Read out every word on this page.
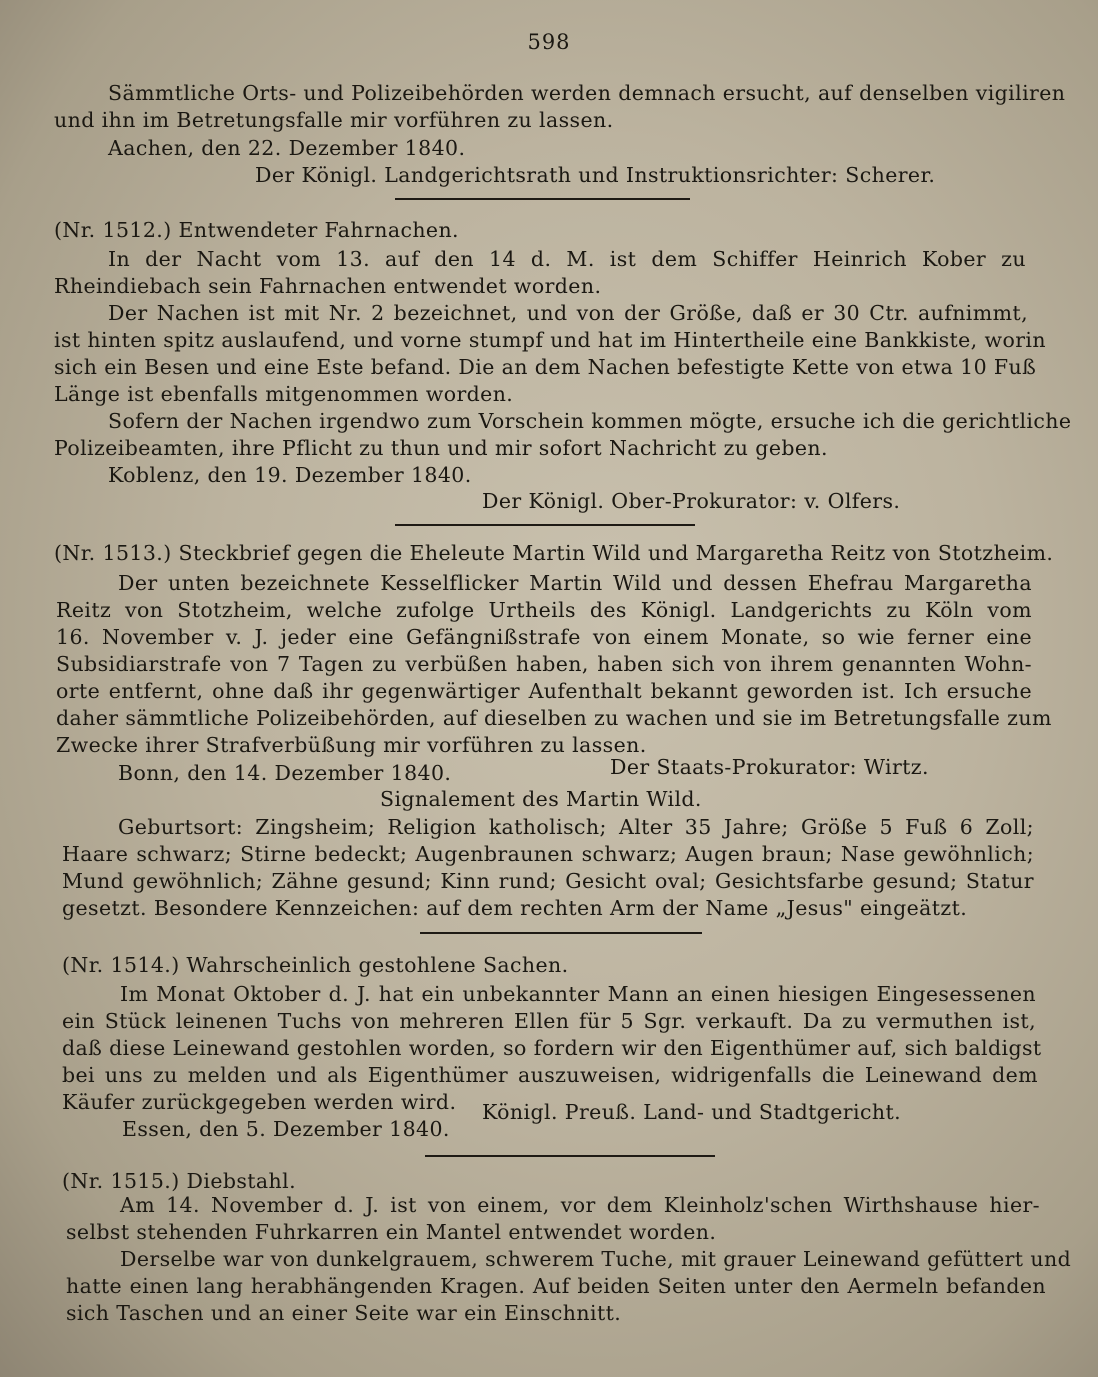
598
Sämmtliche Orts- und Polizeibehörden werden demnach ersucht, auf denselben vigiliren
und ihn im Betretungsfalle mir vorführen zu lassen.
Aachen, den 22. Dezember 1840.
Der Königl. Landgerichtsrath und Instruktionsrichter: Scherer.
(Nr. 1512.) Entwendeter Fahrnachen.
In der Nacht vom 13. auf den 14 d. M. ist dem Schiffer Heinrich Kober zu
Rheindiebach sein Fahrnachen entwendet worden.
Der Nachen ist mit Nr. 2 bezeichnet, und von der Größe, daß er 30 Ctr. aufnimmt,
ist hinten spitz auslaufend, und vorne stumpf und hat im Hintertheile eine Bankkiste, worin
sich ein Besen und eine Este befand. Die an dem Nachen befestigte Kette von etwa 10 Fuß
Länge ist ebenfalls mitgenommen worden.
Sofern der Nachen irgendwo zum Vorschein kommen mögte, ersuche ich die gerichtliche
Polizeibeamten, ihre Pflicht zu thun und mir sofort Nachricht zu geben.
Koblenz, den 19. Dezember 1840.
Der Königl. Ober-Prokurator: v. Olfers.
(Nr. 1513.) Steckbrief gegen die Eheleute Martin Wild und Margaretha Reitz von Stotzheim.
Der unten bezeichnete Kesselflicker Martin Wild und dessen Ehefrau Margaretha
Reitz von Stotzheim, welche zufolge Urtheils des Königl. Landgerichts zu Köln vom
16. November v. J. jeder eine Gefängnißstrafe von einem Monate, so wie ferner eine
Subsidiarstrafe von 7 Tagen zu verbüßen haben, haben sich von ihrem genannten Wohn-
orte entfernt, ohne daß ihr gegenwärtiger Aufenthalt bekannt geworden ist. Ich ersuche
daher sämmtliche Polizeibehörden, auf dieselben zu wachen und sie im Betretungsfalle zum
Zwecke ihrer Strafverbüßung mir vorführen zu lassen.
Bonn, den 14. Dezember 1840.	Der Staats-Prokurator: Wirtz.
Signalement des Martin Wild.
Geburtsort: Zingsheim; Religion katholisch; Alter 35 Jahre; Größe 5 Fuß 6 Zoll;
Haare schwarz; Stirne bedeckt; Augenbraunen schwarz; Augen braun; Nase gewöhnlich;
Mund gewöhnlich; Zähne gesund; Kinn rund; Gesicht oval; Gesichtsfarbe gesund; Statur
gesetzt. Besondere Kennzeichen: auf dem rechten Arm der Name „Jesus" eingeätzt.
(Nr. 1514.) Wahrscheinlich gestohlene Sachen.
Im Monat Oktober d. J. hat ein unbekannter Mann an einen hiesigen Eingesessenen
ein Stück leinenen Tuchs von mehreren Ellen für 5 Sgr. verkauft. Da zu vermuthen ist,
daß diese Leinewand gestohlen worden, so fordern wir den Eigenthümer auf, sich baldigst
bei uns zu melden und als Eigenthümer auszuweisen, widrigenfalls die Leinewand dem
Käufer zurückgegeben werden wird.
Essen, den 5. Dezember 1840.
Königl. Preuß. Land- und Stadtgericht.
(Nr. 1515.) Diebstahl.
Am 14. November d. J. ist von einem, vor dem Kleinholz'schen Wirthshause hier-
selbst stehenden Fuhrkarren ein Mantel entwendet worden.
Derselbe war von dunkelgrauem, schwerem Tuche, mit grauer Leinewand gefüttert und
hatte einen lang herabhängenden Kragen. Auf beiden Seiten unter den Aermeln befanden
sich Taschen und an einer Seite war ein Einschnitt.
